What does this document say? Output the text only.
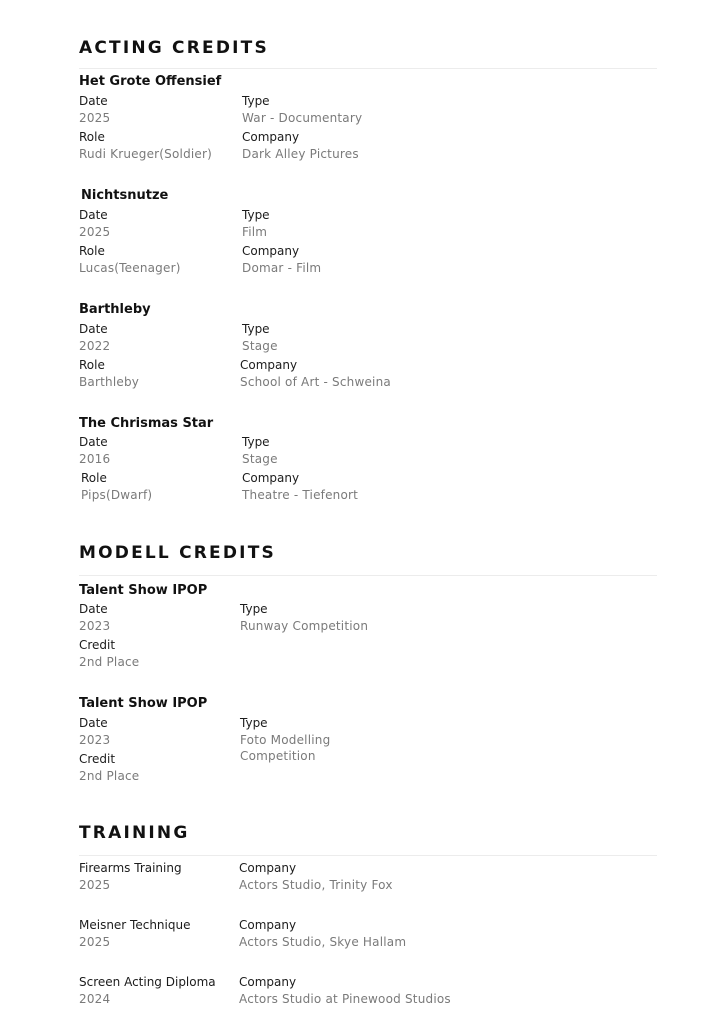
ACTING CREDITS
Het Grote Offensief
Date
2025
Type
War - Documentary
Role
Rudi Krueger(Soldier)
Company
Dark Alley Pictures
Nichtsnutze
Date
2025
Type
Film
Role
Lucas(Teenager)
Company
Domar - Film
Barthleby
Date
2022
Type
Stage
Role
Barthleby
Company
School of Art - Schweina
The Chrismas Star
Date
2016
Type
Stage
Role
Pips(Dwarf)
Company
Theatre - Tiefenort
MODELL CREDITS
Talent Show IPOP
Date
2023
Type
Runway Competition
Credit
2nd Place
Talent Show IPOP
Date
2023
Type
Foto Modelling
Competition
Credit
2nd Place
TRAINING
Firearms Training
2025
Company
Actors Studio, Trinity Fox
Meisner Technique
2025
Company
Actors Studio, Skye Hallam
Screen Acting Diploma
2024
Company
Actors Studio at Pinewood Studios
